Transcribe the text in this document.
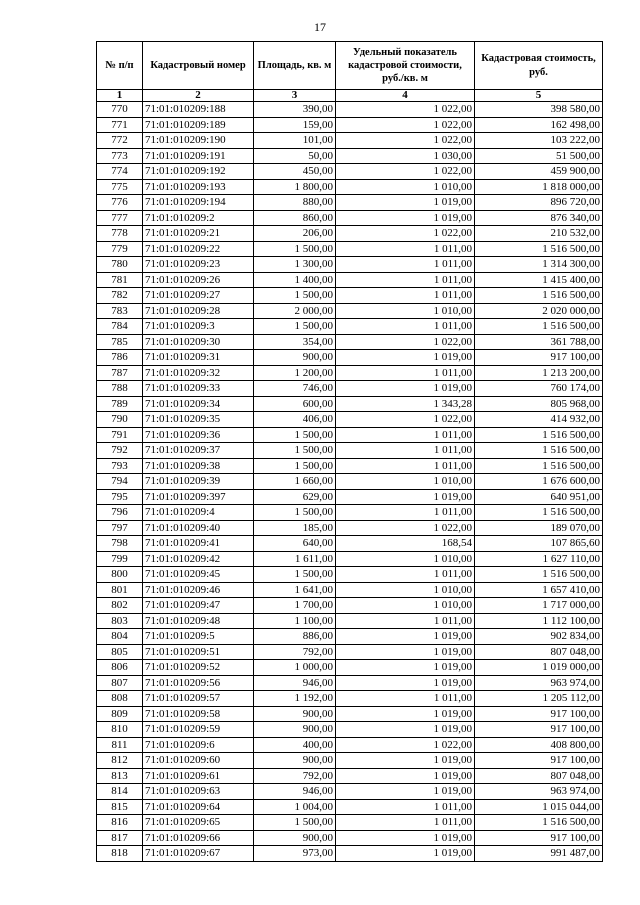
17
№ п/п	Кадастровый номер	Площадь, кв. м	Удельный показатель кадастровой стоимости, руб./кв. м	Кадастровая стоимость, руб.
1	2	3	4	5
770	71:01:010209:188	390,00	1 022,00	398 580,00
771	71:01:010209:189	159,00	1 022,00	162 498,00
772	71:01:010209:190	101,00	1 022,00	103 222,00
773	71:01:010209:191	50,00	1 030,00	51 500,00
774	71:01:010209:192	450,00	1 022,00	459 900,00
775	71:01:010209:193	1 800,00	1 010,00	1 818 000,00
776	71:01:010209:194	880,00	1 019,00	896 720,00
777	71:01:010209:2	860,00	1 019,00	876 340,00
778	71:01:010209:21	206,00	1 022,00	210 532,00
779	71:01:010209:22	1 500,00	1 011,00	1 516 500,00
780	71:01:010209:23	1 300,00	1 011,00	1 314 300,00
781	71:01:010209:26	1 400,00	1 011,00	1 415 400,00
782	71:01:010209:27	1 500,00	1 011,00	1 516 500,00
783	71:01:010209:28	2 000,00	1 010,00	2 020 000,00
784	71:01:010209:3	1 500,00	1 011,00	1 516 500,00
785	71:01:010209:30	354,00	1 022,00	361 788,00
786	71:01:010209:31	900,00	1 019,00	917 100,00
787	71:01:010209:32	1 200,00	1 011,00	1 213 200,00
788	71:01:010209:33	746,00	1 019,00	760 174,00
789	71:01:010209:34	600,00	1 343,28	805 968,00
790	71:01:010209:35	406,00	1 022,00	414 932,00
791	71:01:010209:36	1 500,00	1 011,00	1 516 500,00
792	71:01:010209:37	1 500,00	1 011,00	1 516 500,00
793	71:01:010209:38	1 500,00	1 011,00	1 516 500,00
794	71:01:010209:39	1 660,00	1 010,00	1 676 600,00
795	71:01:010209:397	629,00	1 019,00	640 951,00
796	71:01:010209:4	1 500,00	1 011,00	1 516 500,00
797	71:01:010209:40	185,00	1 022,00	189 070,00
798	71:01:010209:41	640,00	168,54	107 865,60
799	71:01:010209:42	1 611,00	1 010,00	1 627 110,00
800	71:01:010209:45	1 500,00	1 011,00	1 516 500,00
801	71:01:010209:46	1 641,00	1 010,00	1 657 410,00
802	71:01:010209:47	1 700,00	1 010,00	1 717 000,00
803	71:01:010209:48	1 100,00	1 011,00	1 112 100,00
804	71:01:010209:5	886,00	1 019,00	902 834,00
805	71:01:010209:51	792,00	1 019,00	807 048,00
806	71:01:010209:52	1 000,00	1 019,00	1 019 000,00
807	71:01:010209:56	946,00	1 019,00	963 974,00
808	71:01:010209:57	1 192,00	1 011,00	1 205 112,00
809	71:01:010209:58	900,00	1 019,00	917 100,00
810	71:01:010209:59	900,00	1 019,00	917 100,00
811	71:01:010209:6	400,00	1 022,00	408 800,00
812	71:01:010209:60	900,00	1 019,00	917 100,00
813	71:01:010209:61	792,00	1 019,00	807 048,00
814	71:01:010209:63	946,00	1 019,00	963 974,00
815	71:01:010209:64	1 004,00	1 011,00	1 015 044,00
816	71:01:010209:65	1 500,00	1 011,00	1 516 500,00
817	71:01:010209:66	900,00	1 019,00	917 100,00
818	71:01:010209:67	973,00	1 019,00	991 487,00
